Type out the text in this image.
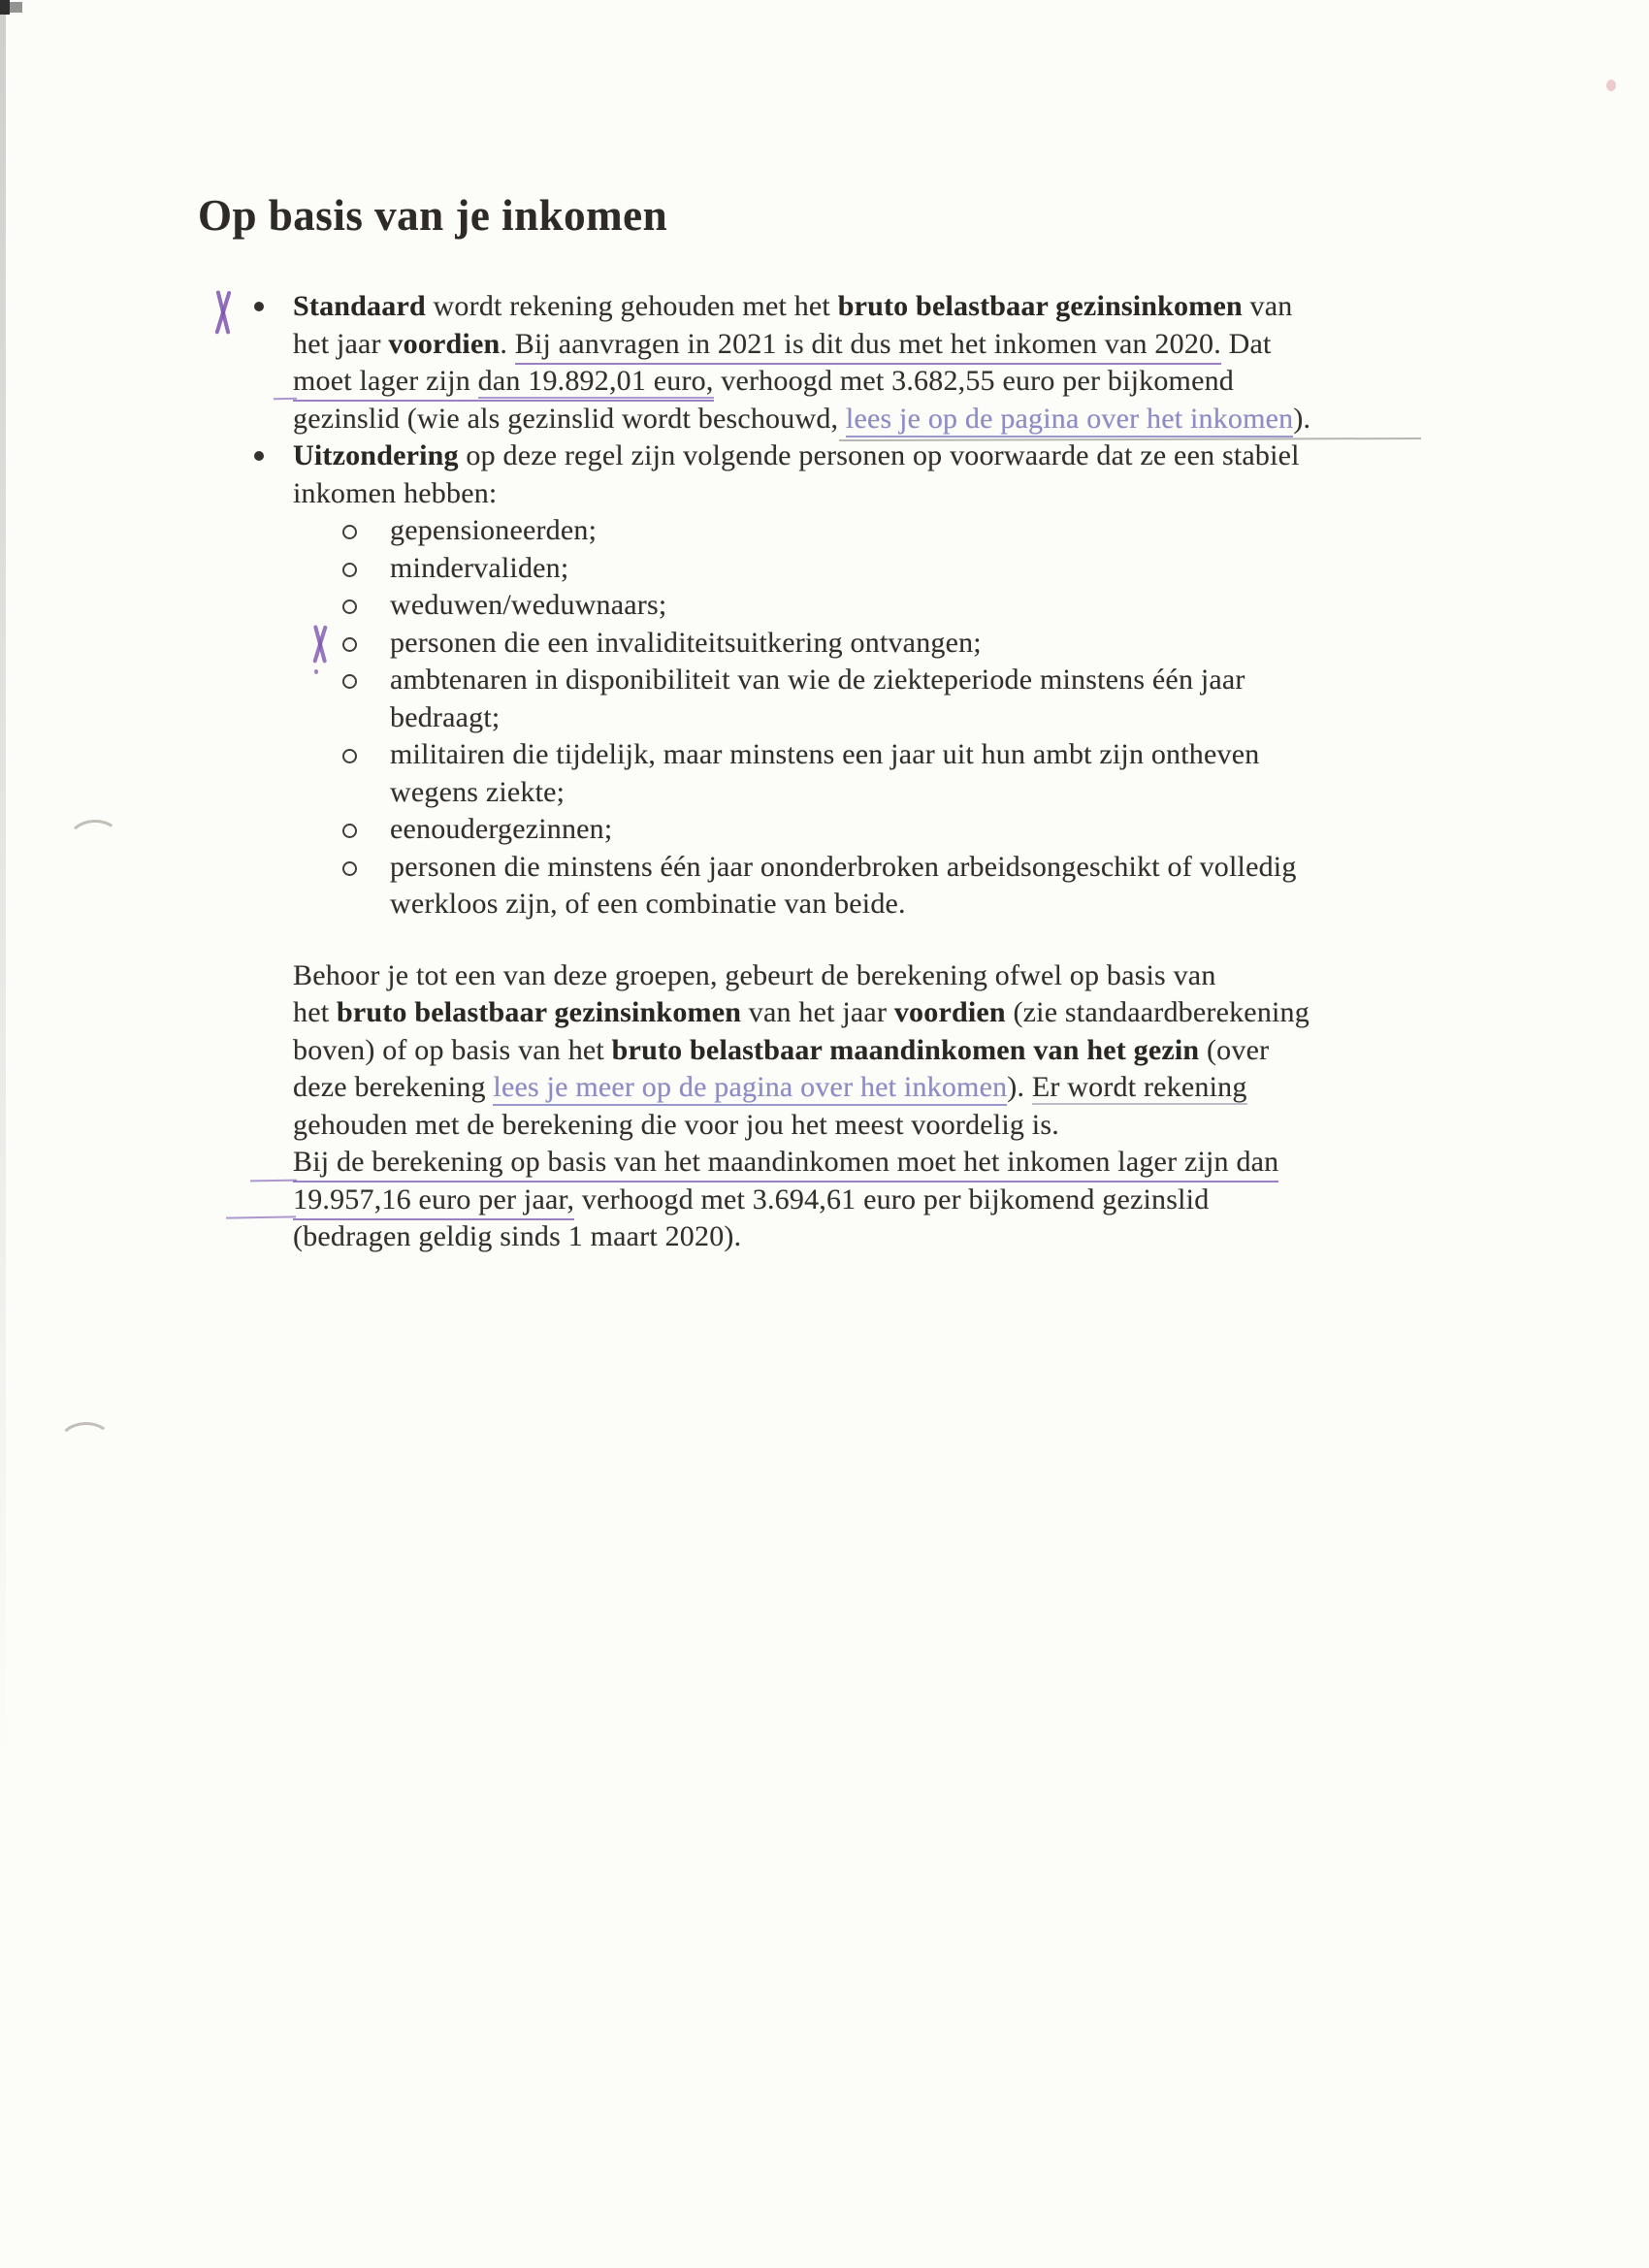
Op basis van je inkomen
Standaard wordt rekening gehouden met het bruto belastbaar gezinsinkomen van
het jaar voordien. Bij aanvragen in 2021 is dit dus met het inkomen van 2020. Dat
moet lager zijn dan 19.892,01 euro, verhoogd met 3.682,55 euro per bijkomend
gezinslid (wie als gezinslid wordt beschouwd, lees je op de pagina over het inkomen).
Uitzondering op deze regel zijn volgende personen op voorwaarde dat ze een stabiel
inkomen hebben:
gepensioneerden;
mindervaliden;
weduwen/weduwnaars;
personen die een invaliditeitsuitkering ontvangen;
ambtenaren in disponibiliteit van wie de ziekteperiode minstens één jaar
bedraagt;
militairen die tijdelijk, maar minstens een jaar uit hun ambt zijn ontheven
wegens ziekte;
eenoudergezinnen;
personen die minstens één jaar ononderbroken arbeidsongeschikt of volledig
werkloos zijn, of een combinatie van beide.
Behoor je tot een van deze groepen, gebeurt de berekening ofwel op basis van
het bruto belastbaar gezinsinkomen van het jaar voordien (zie standaardberekening
boven) of op basis van het bruto belastbaar maandinkomen van het gezin (over
deze berekening lees je meer op de pagina over het inkomen). Er wordt rekening
gehouden met de berekening die voor jou het meest voordelig is.
Bij de berekening op basis van het maandinkomen moet het inkomen lager zijn dan
19.957,16 euro per jaar, verhoogd met 3.694,61 euro per bijkomend gezinslid
(bedragen geldig sinds 1 maart 2020).
